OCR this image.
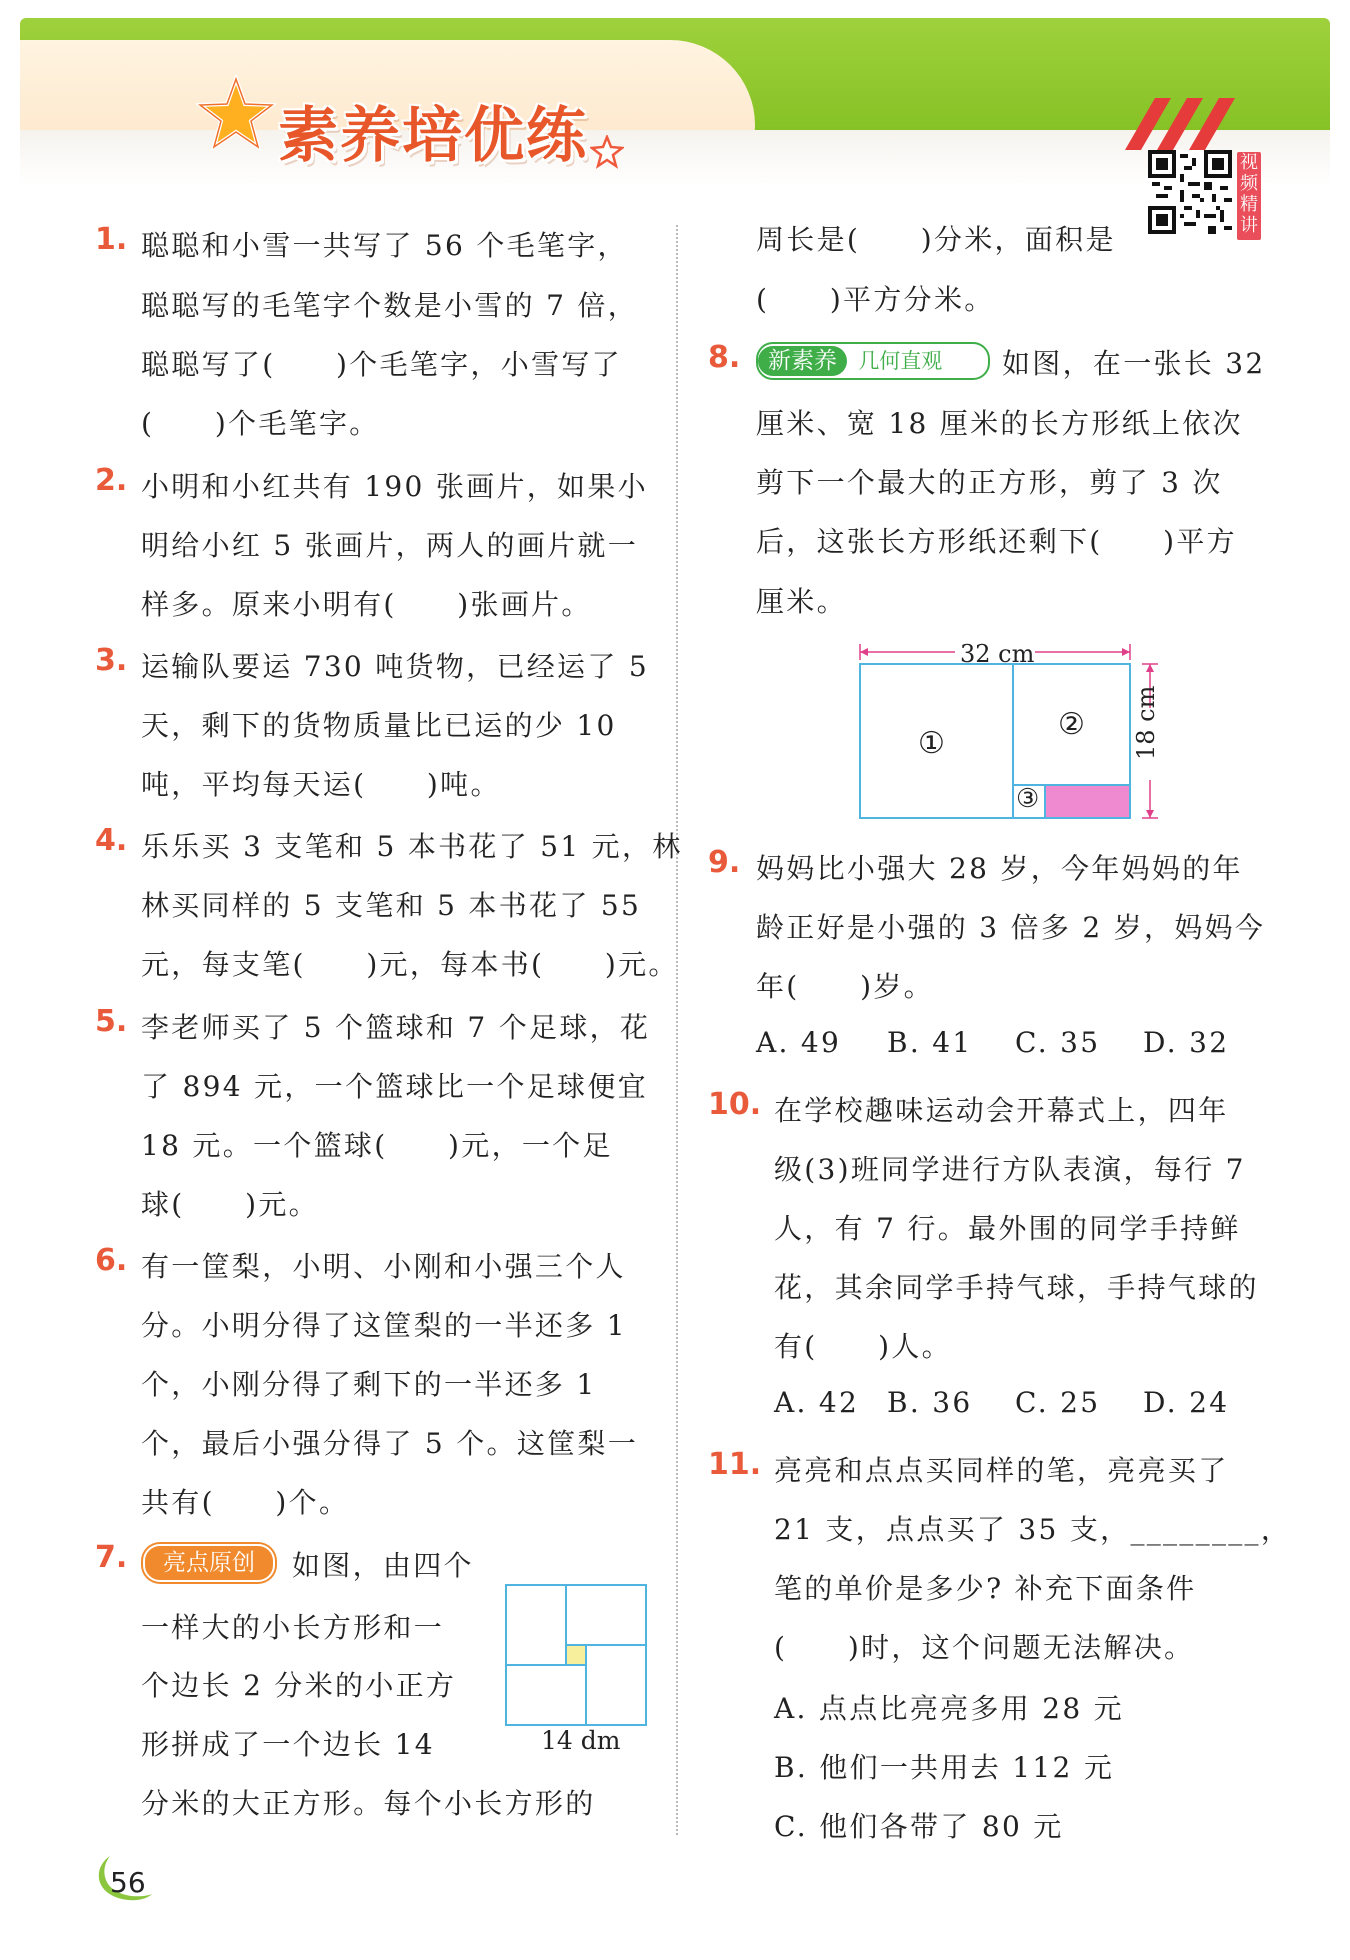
素养培优练	视频精讲
1. 聪聪和小雪一共写了 56 个毛笔字，
聪聪写的毛笔字个数是小雪的 7 倍，
聪聪写了(　　)个毛笔字，小雪写了
(　　)个毛笔字。
2. 小明和小红共有 190 张画片，如果小
明给小红 5 张画片，两人的画片就一
样多。原来小明有(　　)张画片。
3. 运输队要运 730 吨货物，已经运了 5
天，剩下的货物质量比已运的少 10
吨，平均每天运(　　)吨。
4. 乐乐买 3 支笔和 5 本书花了 51 元，林
林买同样的 5 支笔和 5 本书花了 55
元，每支笔(　　)元，每本书(　　)元。
5. 李老师买了 5 个篮球和 7 个足球，花
了 894 元，一个篮球比一个足球便宜
18 元。一个篮球(　　)元，一个足
球(　　)元。
6. 有一筐梨，小明、小刚和小强三个人
分。小明分得了这筐梨的一半还多 1
个，小刚分得了剩下的一半还多 1
个，最后小强分得了 5 个。这筐梨一
共有(　　)个。
7.	亮点原创	如图，由四个
一样大的小长方形和一
个边长 2 分米的小正方
形拼成了一个边长 14
分米的大正方形。每个小长方形的
14 dm
周长是(　　)分米，面积是
(　　)平方分米。
8.	新素养 几何直观	如图，在一张长 32
厘米、宽 18 厘米的长方形纸上依次
剪下一个最大的正方形，剪了 3 次
后，这张长方形纸还剩下(　　)平方
厘米。
32 cm
18 cm
①
②
③
9. 妈妈比小强大 28 岁，今年妈妈的年
龄正好是小强的 3 倍多 2 岁，妈妈今
年(　　)岁。
A. 49 B. 41 C. 35 D. 32
10. 在学校趣味运动会开幕式上，四年
级(3)班同学进行方队表演，每行 7
人，有 7 行。最外围的同学手持鲜
花，其余同学手持气球，手持气球的
有(　　)人。
A. 42 B. 36 C. 25 D. 24
11. 亮亮和点点买同样的笔，亮亮买了
21 支，点点买了 35 支，________，
笔的单价是多少? 补充下面条件
(　　)时，这个问题无法解决。
A. 点点比亮亮多用 28 元
B. 他们一共用去 112 元
C. 他们各带了 80 元
56
